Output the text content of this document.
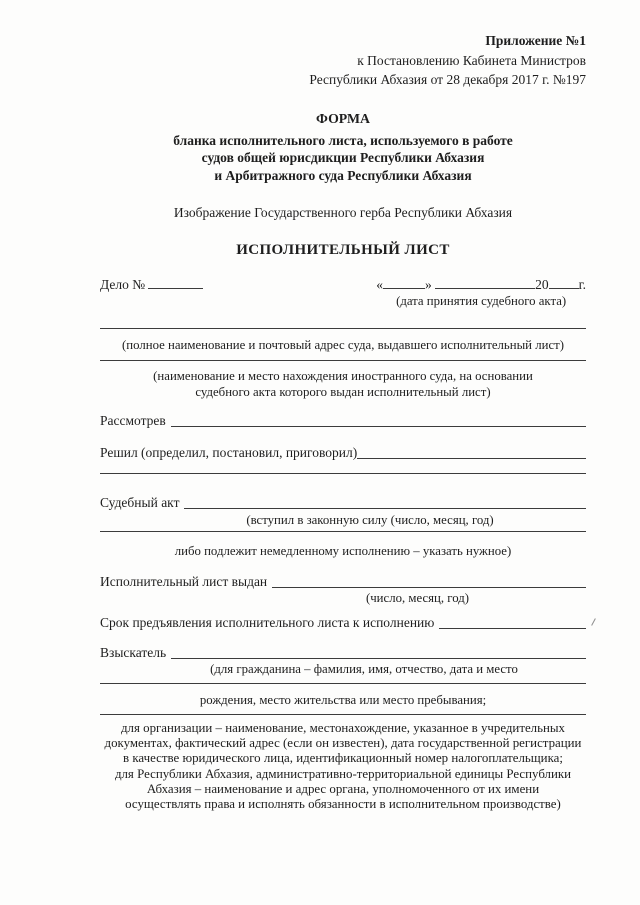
Приложение №1
к Постановлению Кабинета Министров
Республики Абхазия от 28 декабря 2017 г. №197
ФОРМА
бланка исполнительного листа, используемого в работе
судов общей юрисдикции Республики Абхазия
и Арбитражного суда Республики Абхазия
Изображение Государственного герба Республики Абхазия
ИСПОЛНИТЕЛЬНЫЙ ЛИСТ
Дело №	«	»	20 г.
(дата принятия судебного акта)
(полное наименование и почтовый адрес суда, выдавшего исполнительный лист)
(наименование и место нахождения иностранного суда, на основании
судебного акта которого выдан исполнительный лист)
Рассмотрев
Решил (определил, постановил, приговорил)
Судебный акт
(вступил в законную силу (число, месяц, год)
либо подлежит немедленному исполнению – указать нужное)
Исполнительный лист выдан
(число, месяц, год)
Срок предъявления исполнительного листа к исполнению
Взыскатель
(для гражданина – фамилия, имя, отчество, дата и место
рождения, место жительства или место пребывания;
для организации – наименование, местонахождение, указанное в учредительных
документах, фактический адрес (если он известен), дата государственной регистрации
в качестве юридического лица, идентификационный номер налогоплательщика;
для Республики Абхазия, административно-территориальной единицы Республики
Абхазия – наименование и адрес органа, уполномоченного от их имени
осуществлять права и исполнять обязанности в исполнительном производстве)
